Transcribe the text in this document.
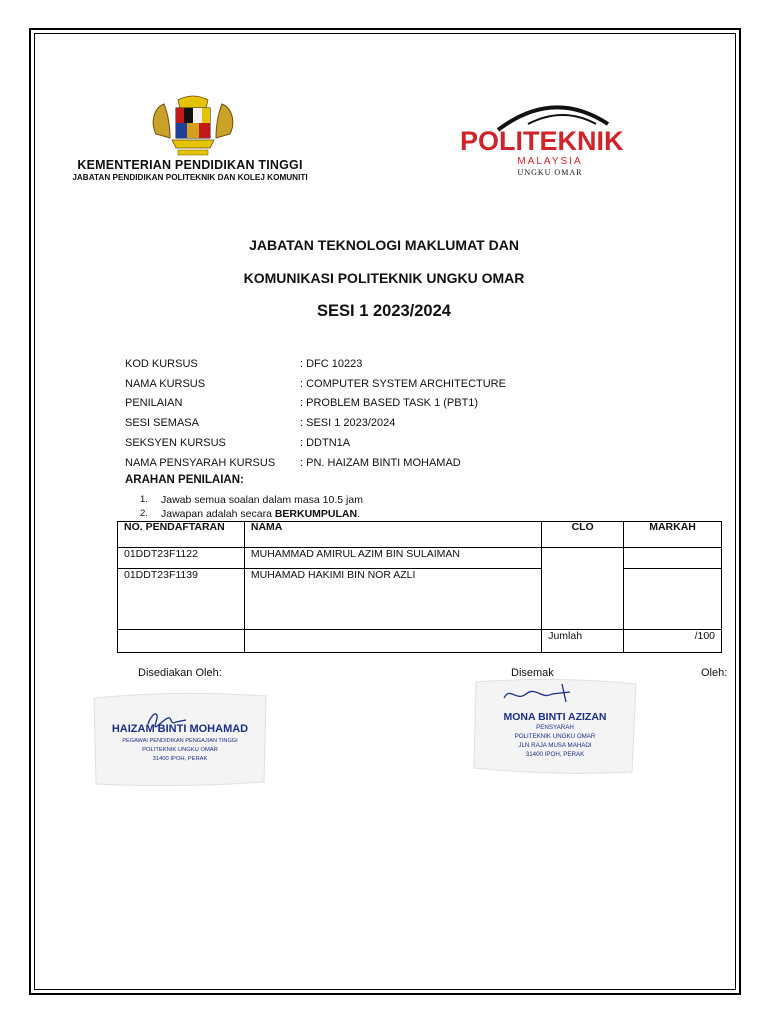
KEMENTERIAN PENDIDIKAN TINGGI
JABATAN PENDIDIKAN POLITEKNIK DAN KOLEJ KOMUNITI
POLITEKNIK
MALAYSIA
UNGKU OMAR
JABATAN TEKNOLOGI MAKLUMAT DAN
KOMUNIKASI POLITEKNIK UNGKU OMAR
SESI 1 2023/2024
KOD KURSUS	: DFC 10223
NAMA KURSUS	: COMPUTER SYSTEM ARCHITECTURE
PENILAIAN	: PROBLEM BASED TASK 1 (PBT1)
SESI SEMASA	: SESI 1 2023/2024
SEKSYEN KURSUS	: DDTN1A
NAMA PENSYARAH KURSUS	: PN. HAIZAM BINTI MOHAMAD
ARAHAN PENILAIAN:
1.	Jawab semua soalan dalam masa 10.5 jam
2.	Jawapan adalah secara BERKUMPULAN.
NO. PENDAFTARAN	NAMA	CLO	MARKAH
01DDT23F1122	MUHAMMAD AMIRUL AZIM BIN SULAIMAN		
01DDT23F1139	MUHAMAD HAKIMI BIN NOR AZLI		
		Jumlah	/100
Disediakan Oleh:	Disemak	Oleh:
HAIZAM BINTI MOHAMAD
PEGAWAI PENDIDIKAN PENGAJIAN TINGGI
POLITEKNIK UNGKU OMAR
31400 IPOH, PERAK
MONA BINTI AZIZAN
PENSYARAH
POLITEKNIK UNGKU OMAR
JLN RAJA MUSA MAHADI
31400 IPOH, PERAK
